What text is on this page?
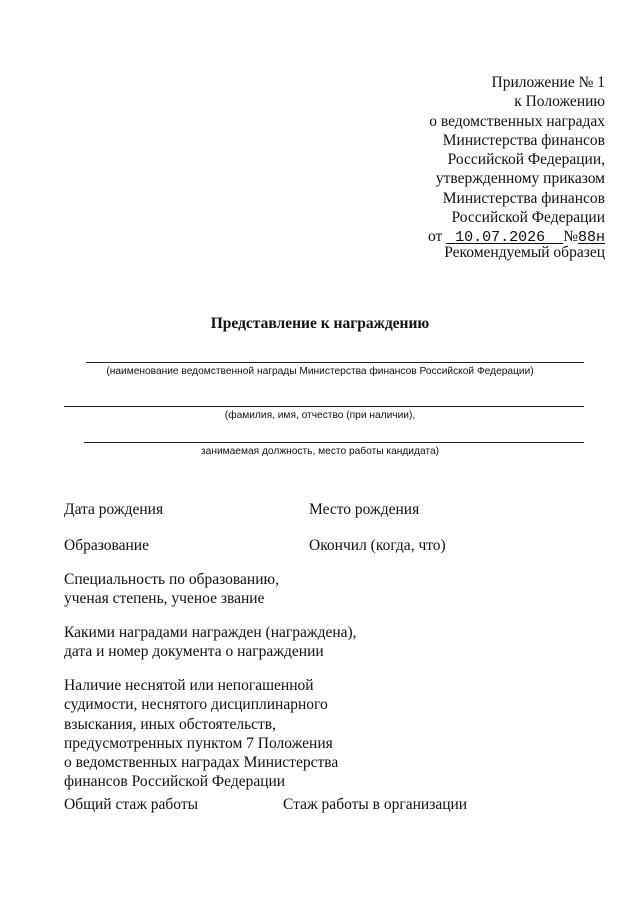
Приложение № 1
к Положению
о ведомственных наградах
Министерства финансов
Российской Федерации,
утвержденному приказом
Министерства финансов
Российской Федерации
от 10.07.2026 №88н
Рекомендуемый образец
Представление к награждению
(наименование ведомственной награды Министерства финансов Российской Федерации)
(фамилия, имя, отчество (при наличии),
занимаемая должность, место работы кандидата)
Дата рождения	Место рождения
Образование	Окончил (когда, что)
Специальность по образованию,
ученая степень, ученое звание
Какими наградами награжден (награждена),
дата и номер документа о награждении
Наличие неснятой или непогашенной
судимости, неснятого дисциплинарного
взыскания, иных обстоятельств,
предусмотренных пунктом 7 Положения
о ведомственных наградах Министерства
финансов Российской Федерации
Общий стаж работы	Стаж работы в организации
